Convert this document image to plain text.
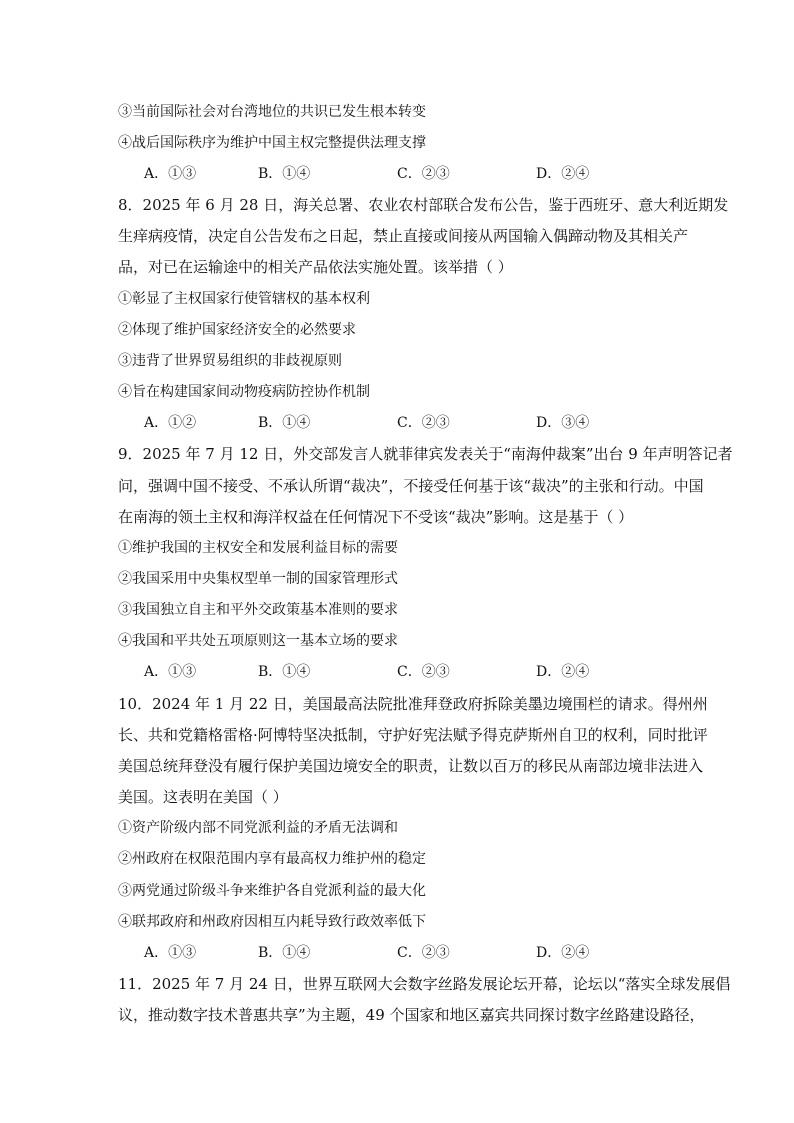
③当前国际社会对台湾地位的共识已发生根本转变
④战后国际秩序为维护中国主权完整提供法理支撑
A．①③	B．①④	C．②③	D．②④
8．2025 年 6 月 28 日，海关总署、农业农村部联合发布公告，鉴于西班牙、意大利近期发
生痒病疫情，决定自公告发布之日起，禁止直接或间接从两国输入偶蹄动物及其相关产
品，对已在运输途中的相关产品依法实施处置。该举措（ ）
①彰显了主权国家行使管辖权的基本权利
②体现了维护国家经济安全的必然要求
③违背了世界贸易组织的非歧视原则
④旨在构建国家间动物疫病防控协作机制
A．①②	B．①④	C．②③	D．③④
9．2025 年 7 月 12 日，外交部发言人就菲律宾发表关于“南海仲裁案”出台 9 年声明答记者
问，强调中国不接受、不承认所谓“裁决”，不接受任何基于该“裁决”的主张和行动。中国
在南海的领土主权和海洋权益在任何情况下不受该“裁决”影响。这是基于（ ）
①维护我国的主权安全和发展利益目标的需要
②我国采用中央集权型单一制的国家管理形式
③我国独立自主和平外交政策基本准则的要求
④我国和平共处五项原则这一基本立场的要求
A．①③	B．①④	C．②③	D．②④
10．2024 年 1 月 22 日，美国最高法院批准拜登政府拆除美墨边境围栏的请求。得州州
长、共和党籍格雷格·阿博特坚决抵制，守护好宪法赋予得克萨斯州自卫的权利，同时批评
美国总统拜登没有履行保护美国边境安全的职责，让数以百万的移民从南部边境非法进入
美国。这表明在美国（ ）
①资产阶级内部不同党派利益的矛盾无法调和
②州政府在权限范围内享有最高权力维护州的稳定
③两党通过阶级斗争来维护各自党派利益的最大化
④联邦政府和州政府因相互内耗导致行政效率低下
A．①③	B．①④	C．②③	D．②④
11．2025 年 7 月 24 日，世界互联网大会数字丝路发展论坛开幕，论坛以“落实全球发展倡
议，推动数字技术普惠共享”为主题，49 个国家和地区嘉宾共同探讨数字丝路建设路径，
